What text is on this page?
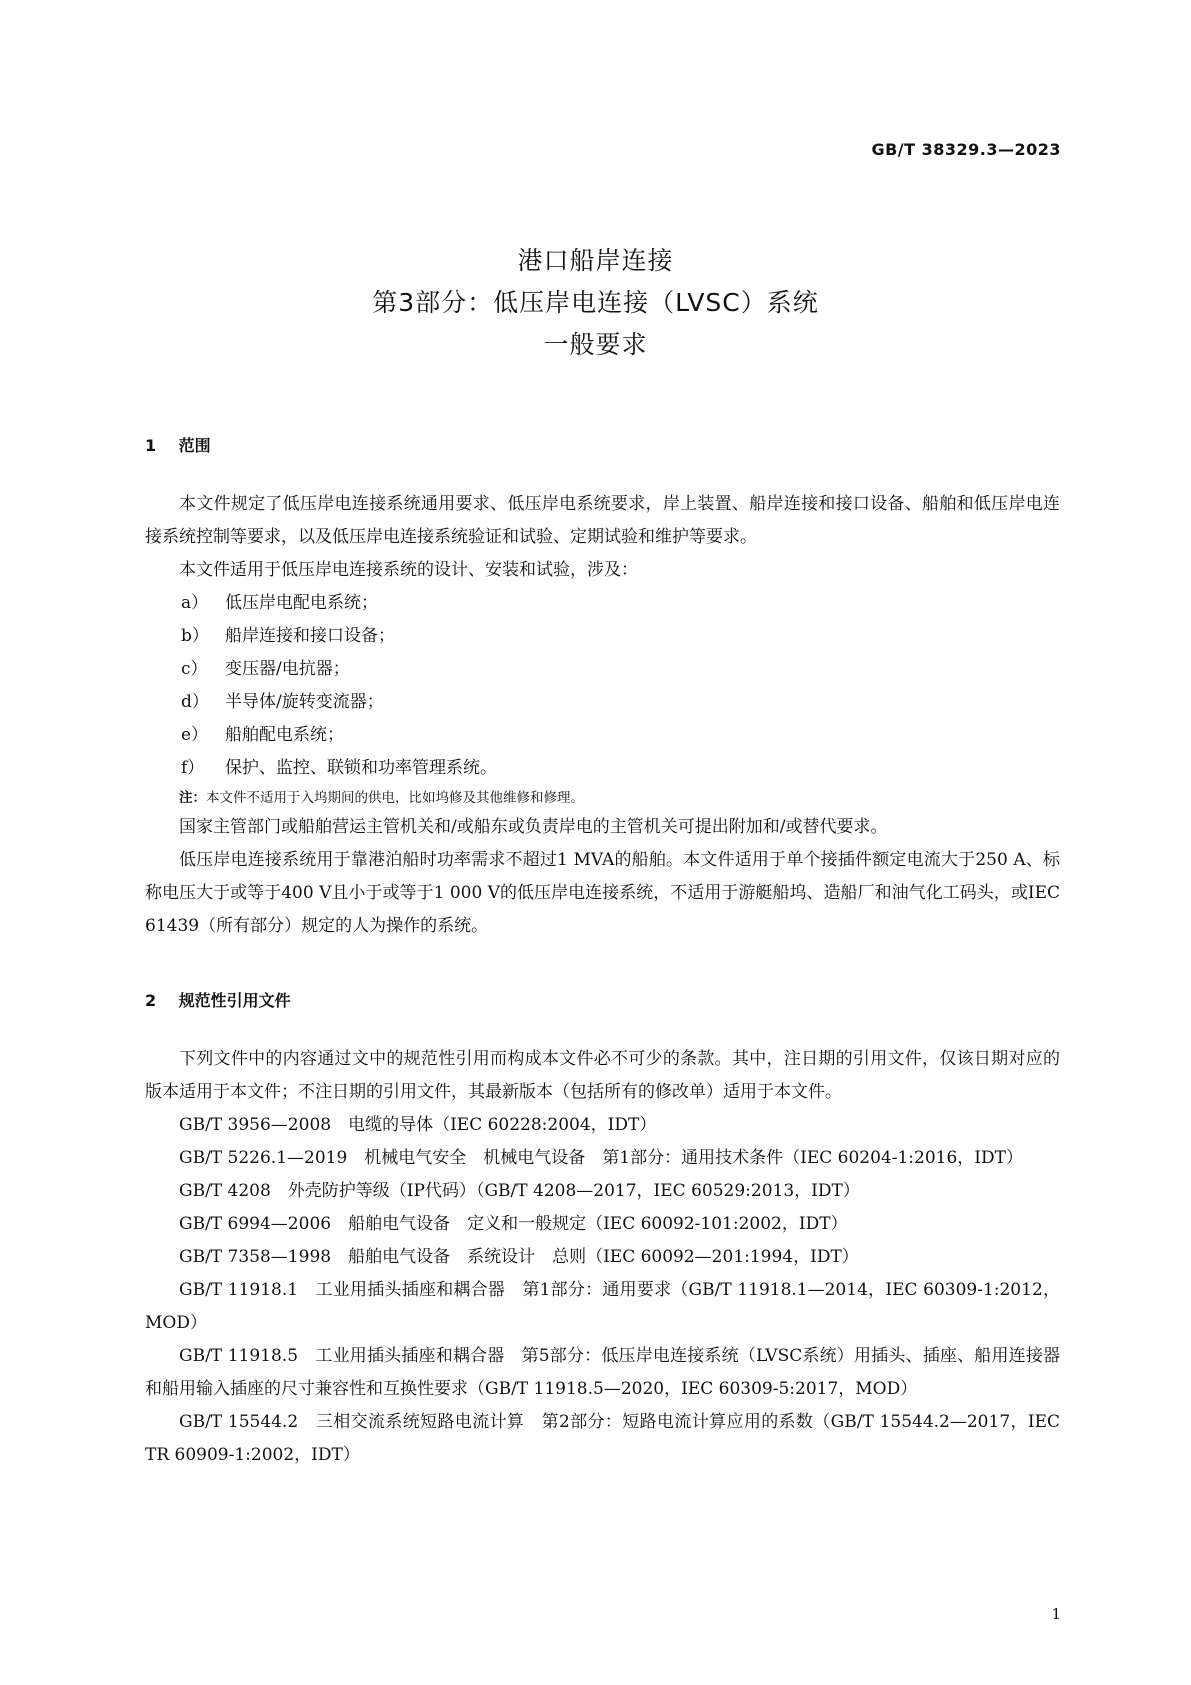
GB/T 38329.3—2023
港口船岸连接
第3部分：低压岸电连接（LVSC）系统
一般要求
1 范围

本文件规定了低压岸电连接系统通用要求、低压岸电系统要求，岸上装置、船岸连接和接口设备、船舶和低压岸电连接系统控制等要求，以及低压岸电连接系统验证和试验、定期试验和维护等要求。

本文件适用于低压岸电连接系统的设计、安装和试验，涉及：

a） 低压岸电配电系统；
b） 船岸连接和接口设备；
c） 变压器/电抗器；
d） 半导体/旋转变流器；
e） 船舶配电系统；
f） 保护、监控、联锁和功率管理系统。
注：本文件不适用于入坞期间的供电，比如坞修及其他维修和修理。

国家主管部门或船舶营运主管机关和/或船东或负责岸电的主管机关可提出附加和/或替代要求。

低压岸电连接系统用于靠港泊船时功率需求不超过1 MVA的船舶。本文件适用于单个接插件额定电流大于250 A、标称电压大于或等于400 V且小于或等于1 000 V的低压岸电连接系统，不适用于游艇船坞、造船厂和油气化工码头，或IEC 61439（所有部分）规定的人为操作的系统。

2 规范性引用文件

下列文件中的内容通过文中的规范性引用而构成本文件必不可少的条款。其中，注日期的引用文件，仅该日期对应的版本适用于本文件；不注日期的引用文件，其最新版本（包括所有的修改单）适用于本文件。

GB/T 3956—2008　电缆的导体（IEC 60228:2004，IDT）

GB/T 5226.1—2019　机械电气安全　机械电气设备　第1部分：通用技术条件（IEC 60204-1:2016，IDT）

GB/T 4208　外壳防护等级（IP代码）（GB/T 4208—2017，IEC 60529:2013，IDT）

GB/T 6994—2006　船舶电气设备　定义和一般规定（IEC 60092-101:2002，IDT）

GB/T 7358—1998　船舶电气设备　系统设计　总则（IEC 60092—201:1994，IDT）

GB/T 11918.1　工业用插头插座和耦合器　第1部分：通用要求（GB/T 11918.1—2014，IEC 60309-1:2012，MOD）

GB/T 11918.5　工业用插头插座和耦合器　第5部分：低压岸电连接系统（LVSC系统）用插头、插座、船用连接器和船用输入插座的尺寸兼容性和互换性要求（GB/T 11918.5—2020，IEC 60309-5:2017，MOD）

GB/T 15544.2　三相交流系统短路电流计算　第2部分：短路电流计算应用的系数（GB/T 15544.2—2017，IEC TR 60909-1:2002，IDT）

1
